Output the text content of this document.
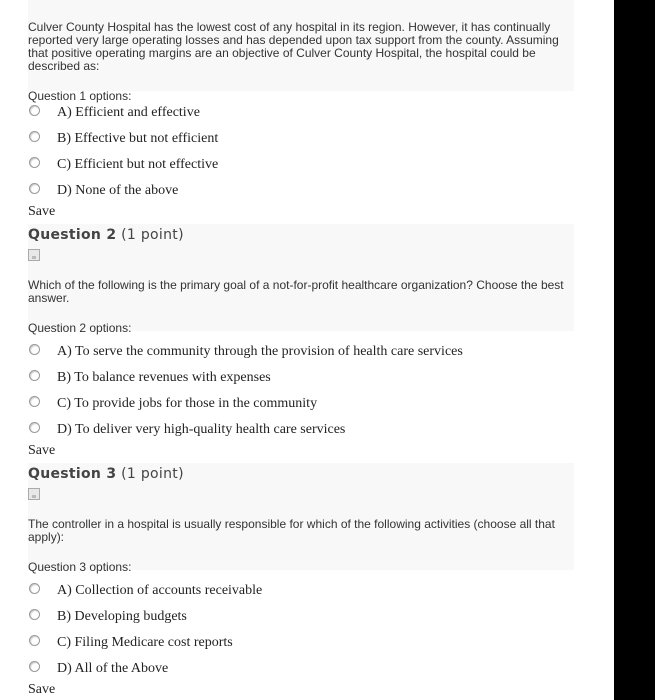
Culver County Hospital has the lowest cost of any hospital in its region. However, it has continually reported very large operating losses and has depended upon tax support from the county. Assuming that positive operating margins are an objective of Culver County Hospital, the hospital could be described as:

Question 1 options:
A) Efficient and effective
B) Effective but not efficient
C) Efficient but not effective
D) None of the above
Save
Question 2 (1 point)

Which of the following is the primary goal of a not-for-profit healthcare organization? Choose the best answer.

Question 2 options:
A) To serve the community through the provision of health care services
B) To balance revenues with expenses
C) To provide jobs for those in the community
D) To deliver very high-quality health care services
Save
Question 3 (1 point)

The controller in a hospital is usually responsible for which of the following activities (choose all that apply):

Question 3 options:
A) Collection of accounts receivable
B) Developing budgets
C) Filing Medicare cost reports
D) All of the Above
Save
